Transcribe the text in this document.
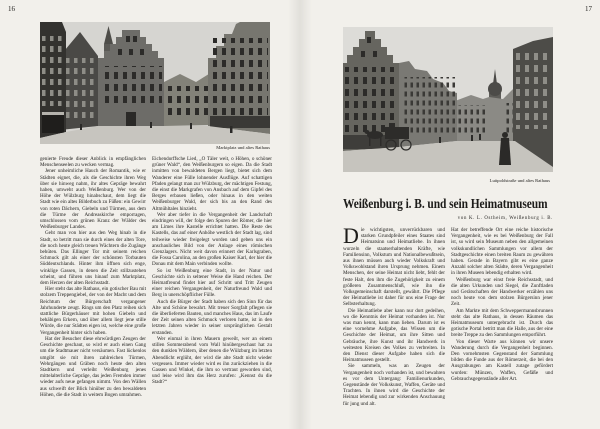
16
Marktplatz und altes Rathaus

genierte Freude dieser Anblick in empfänglichen Menschenseelen zu wecken vermag.

Jener unheimliche Hauch der Romantik, wie er Städten eignet, die, als die Geschichte ihren Weg über sie hinweg nahm, ihr altes Gepräge bewahrt haben, umweht auch Weißenburg. Wer von der Höhe der Wülzburg hinabschaut, dem liegt die Stadt wie ein altes Bilderbuch zu Füßen: ein Gewirr von roten Dächern, Giebeln und Türmen, aus dem die Türme der Andreaskirche emporragen, umschlossen vom grünen Kranz der Wälder des Weißenburger Landes.

Geht man von hier aus den Weg hinab in die Stadt, so betritt man sie durch eines der alten Tore, die noch heute gleich treuen Wächtern die Zugänge behüten. Das Ellinger Tor mit seinem reichen Schmuck gilt als einer der schönsten Torbauten Süddeutschlands. Hinter ihm öffnen sich enge, winklige Gassen, in denen die Zeit stillzustehen scheint, und führen uns hinauf zum Marktplatz, dem Herzen der alten Reichsstadt.

Hier steht das alte Rathaus, ein gotischer Bau mit stolzem Treppengiebel, der von der Macht und dem Reichtum der Bürgerschaft vergangener Jahrhunderte zeugt. Rings um den Platz reihen sich stattliche Bürgerhäuser mit hohen Giebeln und behäbigen Erkern, und über allem liegt jene stille Würde, die nur Städten eigen ist, welche eine große Vergangenheit hinter sich haben.

Hat der Besucher diese ehrwürdigen Zeugen der Geschichte geschaut, so wird er auch einen Gang um die Stadtmauer nicht versäumen. Fast lückenlos umgibt sie mit ihren zahlreichen Türmen, Wehrgängen und Gräben noch heute den alten Stadtkern und verleiht Weißenburg jenes mittelalterliche Gepräge, das jeden Fremden immer wieder aufs neue gefangen nimmt. Von den Wällen aus schweift der Blick hinüber zu den bewaldeten Höhen, die die Stadt in weitem Bogen umrahmen.

Eichendorffsche Lied, „O Täler weit, o Höhen, o schöner grüner Wald“, den Weißenburgern so eigen. Da die Stadt inmitten von bewaldeten Bergen liegt, bietet sich dem Wanderer eine Fülle lohnender Ausflüge. Auf schattigen Pfaden gelangt man zur Wülzburg, der mächtigen Festung, die einst die Markgrafen von Ansbach auf dem Gipfel des Berges erbauen ließen, oder hinaus in den weiten Weißenburger Wald, der sich bis an den Rand des Altmühltales hinzieht.

Wer aber tiefer in die Vergangenheit der Landschaft eindringen will, der folge den Spuren der Römer, die hier am Limes ihre Kastelle errichtet hatten. Die Reste des Kastells, das auf einer Anhöhe westlich der Stadt lag, sind teilweise wieder freigelegt worden und geben uns ein anschauliches Bild von der Anlage eines römischen Grenzlagers. Nicht weit davon erinnert der Karlsgraben, die Fossa Carolina, an den großen Kaiser Karl, der hier die Donau mit dem Main verbinden wollte.

So ist Weißenburg eine Stadt, in der Natur und Geschichte sich in seltener Weise die Hand reichen. Der Heimatfreund findet hier auf Schritt und Tritt Zeugen einer reichen Vergangenheit, der Naturfreund Wald und Berg in unerschöpflicher Fülle.

Auch die Bürger der Stadt haben sich den Sinn für das Alte und Schöne bewahrt. Mit treuer Sorgfalt pflegen sie die überlieferten Bauten, und manches Haus, das im Laufe der Zeit seinen alten Schmuck verloren hatte, ist in den letzten Jahren wieder in seiner ursprünglichen Gestalt erstanden.

Wer einmal in ihren Mauern geweilt, wer an einem stillen Sommerabend vom Wall hinübergeschaut hat zu den dunklen Wäldern, über denen die Wülzburg im letzten Abendlicht erglüht, der wird die alte Stadt nicht wieder vergessen. Immer wieder wird es ihn zurückziehen in die Gassen und Winkel, die ihm so vertraut geworden sind, und leise wird ihm das Herz zurufen: „Kennst du die Stadt?“

17
Luitpoldstraße und altes Rathaus
Weißenburg i. B. und sein Heimatmuseum
von K. L. Ostheim, Weißenburg i. B.
D ie wichtigsten, unverrückbaren und starken Grundpfeiler eines Staates sind Heimatsinn und Heimatliebe. In ihnen wurzeln die staatserhaltenden Kräfte, wie Familiensinn, Volkstum und Nationalbewußtsein, aus ihnen müssen auch wieder Volkskraft und Volkswohlstand ihren Ursprung nehmen. Einem Menschen, der seine Heimat nicht liebt, fehlt der feste Halt, den ihm die Zugehörigkeit zu einem größeren Zusammenschluß, wie ihn die Volksgemeinschaft darstellt, gewährt. Die Pflege der Heimatliebe ist daher für uns eine Frage der Selbsterhaltung.

Die Heimatliebe aber kann nur dort gedeihen, wo die Kenntnis der Heimat vorhanden ist. Nur was man kennt, kann man lieben. Darum ist es eine vornehme Aufgabe, das Wissen um die Geschichte der Heimat, um ihre Sitten und Gebräuche, ihre Kunst und ihr Handwerk in weitesten Kreisen des Volkes zu verbreiten. In den Dienst dieser Aufgabe haben sich die Heimatmuseen gestellt.

Sie sammeln, was an Zeugen der Vergangenheit noch vorhanden ist, und bewahren es vor dem Untergang: Familienurkunden, Gegenstände der Volkskunst, Waffen, Geräte und Trachten. In ihnen wird die Geschichte der Heimat lebendig und zur wirkenden Anschauung für jung und alt.

Hat der betreffende Ort eine reiche historische Vergangenheit, wie es bei Weißenburg der Fall ist, so wird sein Museum neben den allgemeinen volkskundlichen Sammlungen vor allem der Stadtgeschichte einen breiten Raum zu gewähren haben. Gerade in Bayern gibt es eine ganze Anzahl solcher alten Städte, deren Vergangenheit in ihren Museen lebendig erhalten wird.

Weißenburg war einst freie Reichsstadt, und die alten Urkunden und Siegel, die Zunftladen und Gerätschaften der Handwerker erzählen uns noch heute von dem stolzen Bürgersinn jener Zeit.

Am Markte mit dem Schweppermannsbrunnen steht das alte Rathaus, in dessen Räumen das Heimatmuseum untergebracht ist. Durch das gotische Portal betritt man die Halle, aus der eine breite Treppe zu den Sammlungen emporführt.

Von dieser Warte aus können wir unsere Wanderung durch die Vergangenheit beginnen. Den vornehmsten Gegenstand der Sammlung bilden die Funde aus der Römerzeit, die bei den Ausgrabungen am Kastell zutage gefördert wurden: Münzen, Waffen, Gefäße und Gebrauchsgegenstände aller Art.
